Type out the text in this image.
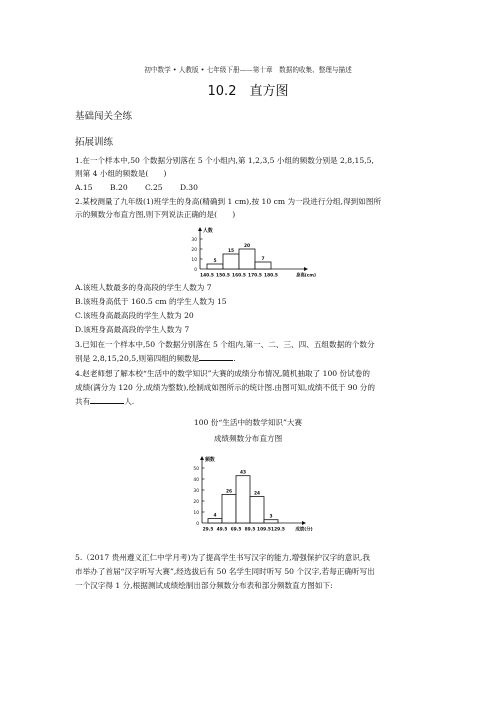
初中数学 • 人教版 • 七年级下册——第十章　数据的收集、整理与描述
10.2　直方图
基础闯关全练
拓展训练
1.在一个样本中,50 个数据分别落在 5 个小组内,第 1,2,3,5 小组的频数分别是 2,8,15,5,
则第 4 小组的频数是(　　)
A.15 B.20 C.25 D.30
2.某校测量了九年级(1)班学生的身高(精确到 1 cm),按 10 cm 为一段进行分组,得到如图所
示的频数分布直方图,则下列说法正确的是(　　)
0
10
20
30
5
15
20
7
140.5 150.5 160.5 170.5 180.5	身高(cm)
人数
A.该班人数最多的身高段的学生人数为 7
B.该班身高低于 160.5 cm 的学生人数为 15
C.该班身高最高段的学生人数为 20
D.该班身高最高段的学生人数为 7
3.已知在一个样本中,50 个数据分别落在 5 个组内,第一、二、三、四、五组数据的个数分
别是 2,8,15,20,5,则第四组的频数是	.
4.赵老师想了解本校“生活中的数学知识”大赛的成绩分布情况,随机抽取了 100 份试卷的
成绩(满分为 120 分,成绩为整数),绘制成如图所示的统计图.由图可知,成绩不低于 90 分的
共有	人.
100 份“生活中的数学知识”大赛
成绩频数分布直方图
0
10
20
30
40
50
4
26
43
24
3
29.5 49.5 69.5 89.5 109.5 129.5 成绩(分)
频数
5.（2017 贵州遵义汇仁中学月考)为了提高学生书写汉字的能力,增强保护汉字的意识,我
市举办了首届“汉字听写大赛”,经选拔后有 50 名学生同时听写 50 个汉字,若每正确听写出
一个汉字得 1 分,根据测试成绩绘制出部分频数分布表和部分频数直方图如下:
